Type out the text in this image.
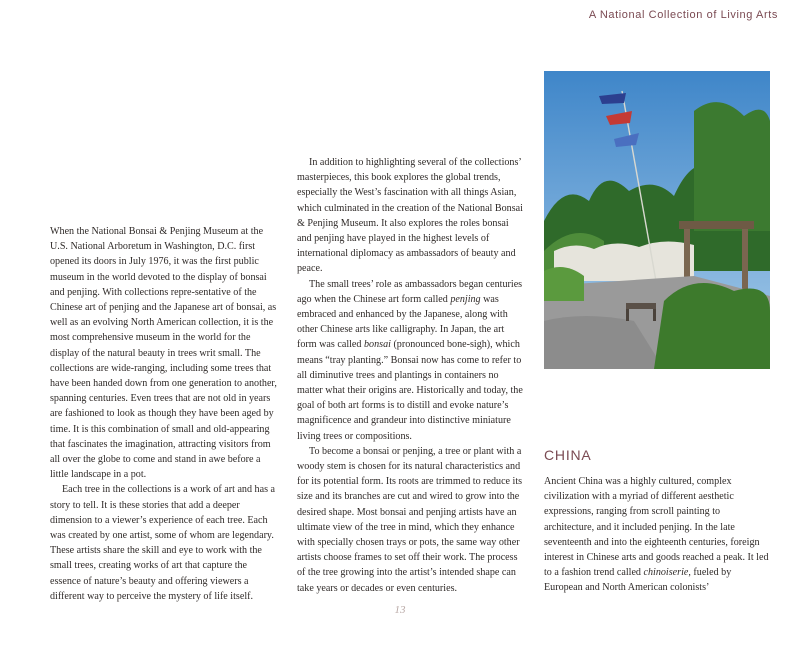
A National Collection of Living Arts

When the National Bonsai & Penjing Museum at the U.S. National Arboretum in Washington, D.C. first opened its doors in July 1976, it was the first public museum in the world devoted to the display of bonsai and penjing. With collections repre-sentative of the Chinese art of penjing and the Japanese art of bonsai, as well as an evolving North American collection, it is the most comprehensive museum in the world for the display of the natural beauty in trees writ small. The collections are wide-ranging, including some trees that have been handed down from one generation to another, spanning centuries. Even trees that are not old in years are fashioned to look as though they have been aged by time. It is this combination of small and old-appearing that fascinates the imagination, attracting visitors from all over the globe to come and stand in awe before a little landscape in a pot.

Each tree in the collections is a work of art and has a story to tell. It is these stories that add a deeper dimension to a viewer’s experience of each tree. Each was created by one artist, some of whom are legendary. These artists share the skill and eye to work with the small trees, creating works of art that capture the essence of nature’s beauty and offering viewers a different way to perceive the mystery of life itself.

In addition to highlighting several of the collections’ masterpieces, this book explores the global trends, especially the West’s fascination with all things Asian, which culminated in the creation of the National Bonsai & Penjing Museum. It also explores the roles bonsai and penjing have played in the highest levels of international diplomacy as ambassadors of beauty and peace.

The small trees’ role as ambassadors began centuries ago when the Chinese art form called penjing was embraced and enhanced by the Japanese, along with other Chinese arts like calligraphy. In Japan, the art form was called bonsai (pronounced bone-sigh), which means “tray planting.” Bonsai now has come to refer to all diminutive trees and plantings in containers no matter what their origins are. Historically and today, the goal of both art forms is to distill and evoke nature’s magnificence and grandeur into distinctive miniature living trees or compositions.

To become a bonsai or penjing, a tree or plant with a woody stem is chosen for its natural characteristics and for its potential form. Its roots are trimmed to reduce its size and its branches are cut and wired to grow into the desired shape. Most bonsai and penjing artists have an ultimate view of the tree in mind, which they enhance with specially chosen trays or pots, the same way other artists choose frames to set off their work. The process of the tree growing into the artist’s intended shape can take years or decades or even centuries.

CHINA

Ancient China was a highly cultured, complex civilization with a myriad of different aesthetic expressions, ranging from scroll painting to architecture, and it included penjing. In the late seventeenth and into the eighteenth centuries, foreign interest in Chinese arts and goods reached a peak. It led to a fashion trend called chinoiserie, fueled by European and North American colonists’

13
